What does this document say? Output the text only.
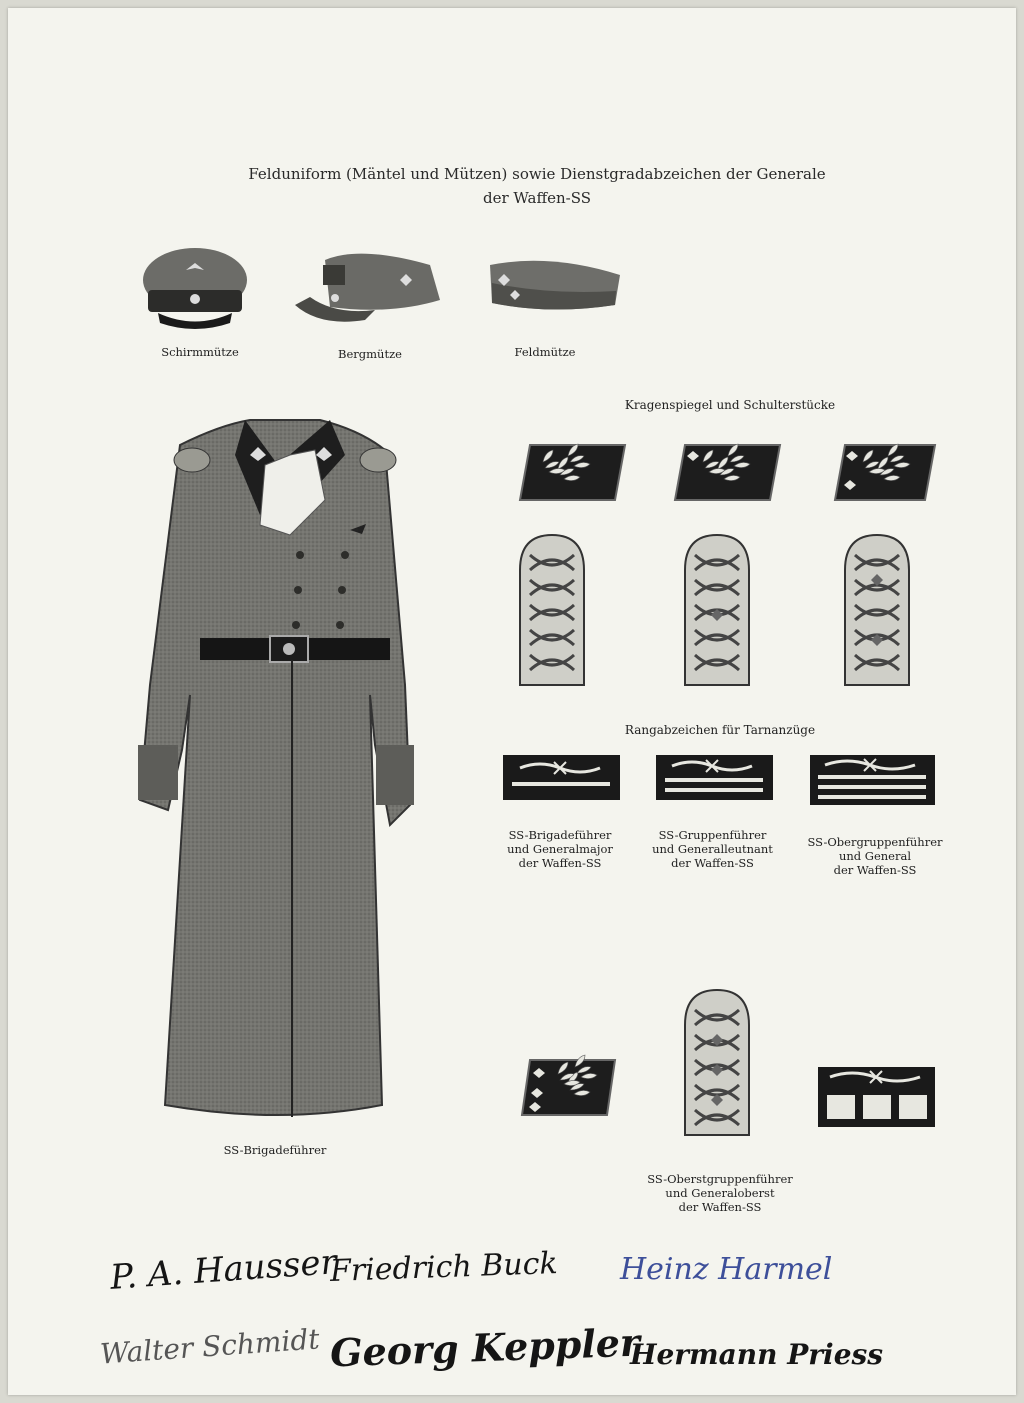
Felduniform (Mäntel und Mützen) sowie Dienstgradabzeichen der Generale
der Waffen-SS
Schirmmütze	Bergmütze	Feldmütze
SS-Brigadeführer
Kragenspiegel und Schulterstücke
Rangabzeichen für Tarnanzüge
SS-Brigadeführer
und Generalmajor
der Waffen-SS
SS-Gruppenführer
und Generalleutnant
der Waffen-SS
SS-Obergruppenführer
und General
der Waffen-SS
SS-Oberstgruppenführer
und Generaloberst
der Waffen-SS
P. A. Hausser
Friedrich Buck Heinz Harmel
Walter Schmidt Georg Keppler
Hermann Priess
